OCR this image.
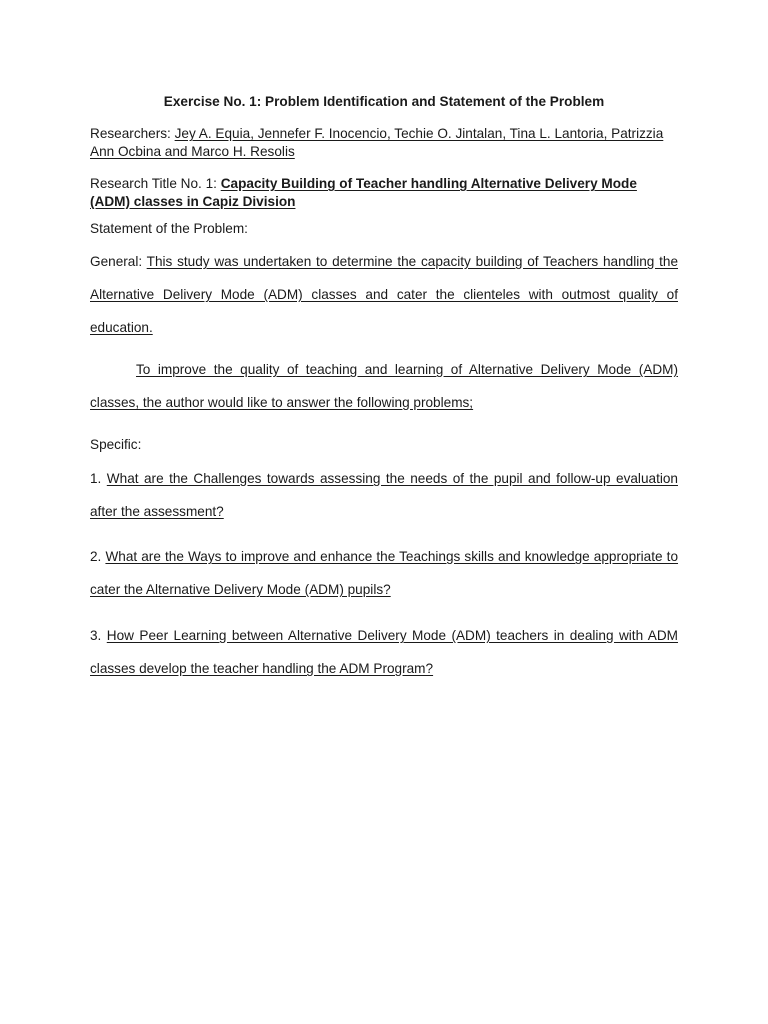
Exercise No. 1: Problem Identification and Statement of the Problem
Researchers: Jey A. Equia, Jennefer F. Inocencio, Techie O. Jintalan, Tina L. Lantoria, Patrizzia Ann Ocbina and Marco H. Resolis
Research Title No. 1: Capacity Building of Teacher handling Alternative Delivery Mode (ADM) classes in Capiz Division
Statement of the Problem:
General: This study was undertaken to determine the capacity building of Teachers handling the Alternative Delivery Mode (ADM) classes and cater the clienteles with outmost quality of education.
To improve the quality of teaching and learning of Alternative Delivery Mode (ADM) classes, the author would like to answer the following problems;
Specific:
1. What are the Challenges towards assessing the needs of the pupil and follow-up evaluation after the assessment?
2. What are the Ways to improve and enhance the Teachings skills and knowledge appropriate to cater the Alternative Delivery Mode (ADM) pupils?
3. How Peer Learning between Alternative Delivery Mode (ADM) teachers in dealing with ADM classes develop the teacher handling the ADM Program?
